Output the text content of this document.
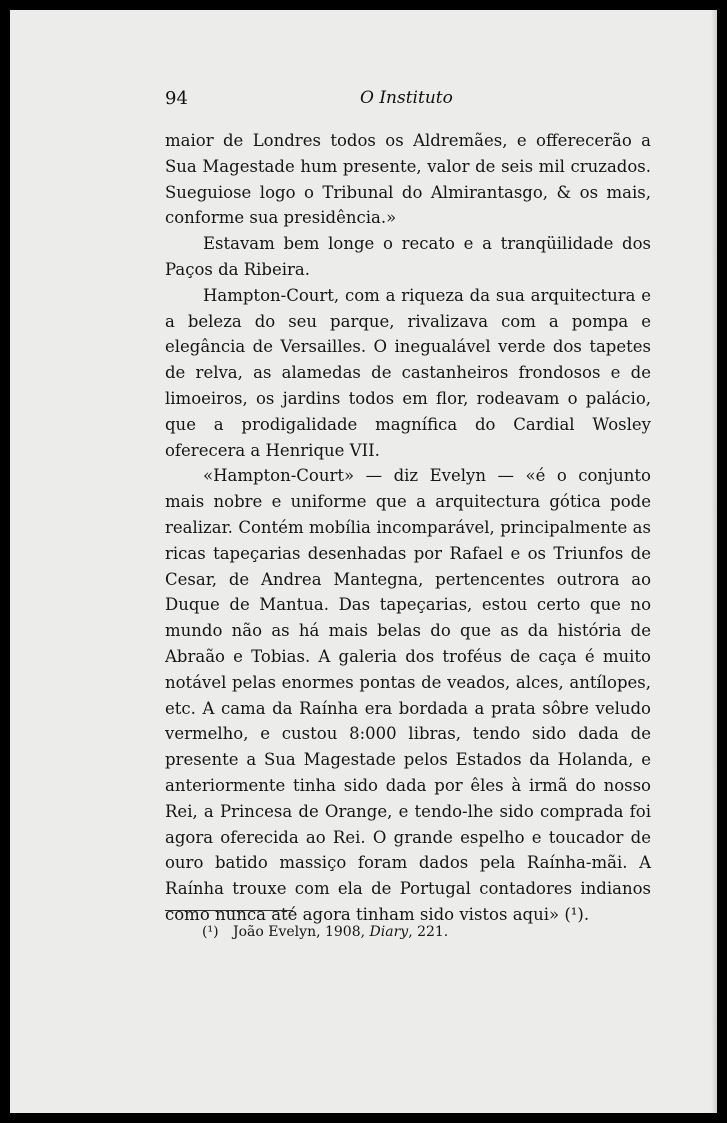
94	O Instituto

maior de Londres todos os Aldremães, e offerecerão a Sua Magestade hum presente, valor de seis mil cruzados. Sueguiose logo o Tribunal do Almirantasgo, & os mais, conforme sua presidência.»

Estavam bem longe o recato e a tranqüilidade dos Paços da Ribeira.

Hampton-Court, com a riqueza da sua arquitectura e a beleza do seu parque, rivalizava com a pompa e elegância de Versailles. O inegualável verde dos tapetes de relva, as alamedas de castanheiros frondosos e de limoeiros, os jardins todos em flor, rodeavam o palácio, que a prodigalidade magnífica do Cardial Wosley oferecera a Henrique VII.

«Hampton-Court» — diz Evelyn — «é o conjunto mais nobre e uniforme que a arquitectura gótica pode realizar. Contém mobília incomparável, principalmente as ricas tapeçarias desenhadas por Rafael e os Triunfos de Cesar, de Andrea Mantegna, pertencentes outrora ao Duque de Mantua. Das tapeçarias, estou certo que no mundo não as há mais belas do que as da história de Abraão e Tobias. A galeria dos troféus de caça é muito notável pelas enormes pontas de veados, alces, antílopes, etc. A cama da Raínha era bordada a prata sôbre veludo vermelho, e custou 8:000 libras, tendo sido dada de presente a Sua Magestade pelos Estados da Holanda, e anteriormente tinha sido dada por êles à irmã do nosso Rei, a Princesa de Orange, e tendo-lhe sido comprada foi agora oferecida ao Rei. O grande espelho e toucador de ouro batido massiço foram dados pela Raínha-mãi. A Raínha trouxe com ela de Portugal contadores indianos como nunca até agora tinham sido vistos aqui» (¹).

(¹) João Evelyn, 1908, Diary, 221.
